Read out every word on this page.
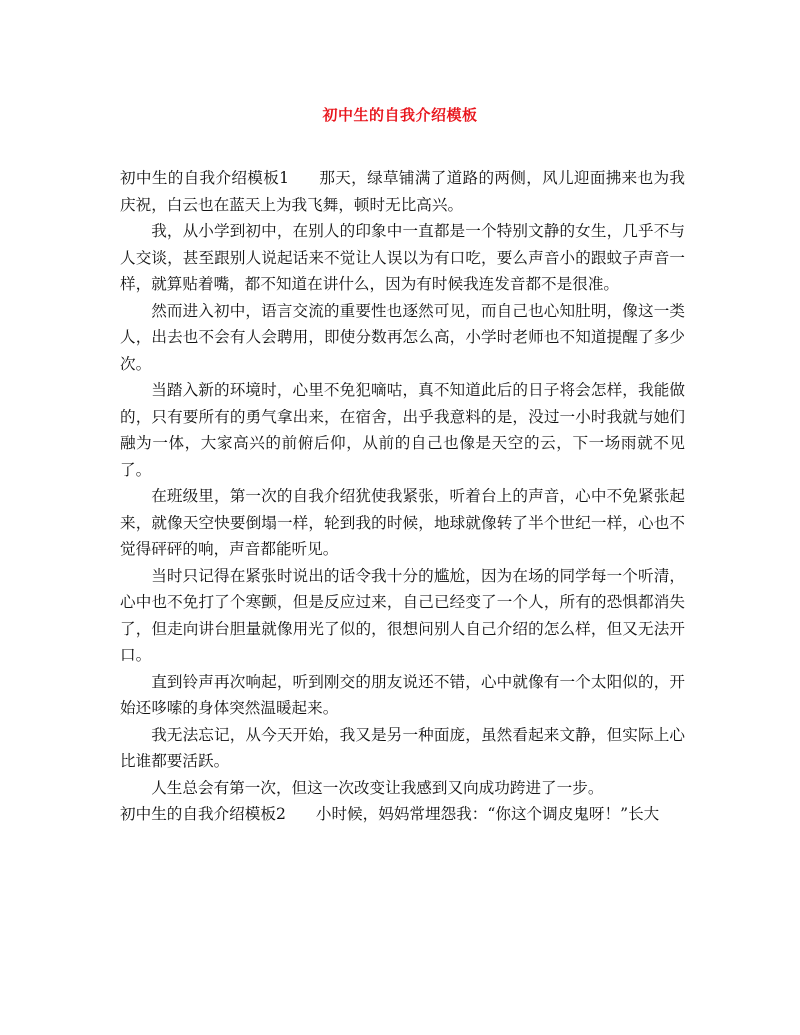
初中生的自我介绍模板

初中生的自我介绍模板1 那天，绿草铺满了道路的两侧，风儿迎面拂来也为我庆祝，白云也在蓝天上为我飞舞，顿时无比高兴。

我，从小学到初中，在别人的印象中一直都是一个特别文静的女生，几乎不与人交谈，甚至跟别人说起话来不觉让人误以为有口吃，要么声音小的跟蚊子声音一样，就算贴着嘴，都不知道在讲什么，因为有时候我连发音都不是很准。

然而进入初中，语言交流的重要性也逐然可见，而自己也心知肚明，像这一类人，出去也不会有人会聘用，即使分数再怎么高，小学时老师也不知道提醒了多少次。

当踏入新的环境时，心里不免犯嘀咕，真不知道此后的日子将会怎样，我能做的，只有要所有的勇气拿出来，在宿舍，出乎我意料的是，没过一小时我就与她们融为一体，大家高兴的前俯后仰，从前的自己也像是天空的云，下一场雨就不见了。

在班级里，第一次的自我介绍犹使我紧张，听着台上的声音，心中不免紧张起来，就像天空快要倒塌一样，轮到我的时候，地球就像转了半个世纪一样，心也不觉得砰砰的响，声音都能听见。

当时只记得在紧张时说出的话令我十分的尴尬，因为在场的同学每一个听清，心中也不免打了个寒颤，但是反应过来，自己已经变了一个人，所有的恐惧都消失了，但走向讲台胆量就像用光了似的，很想问别人自己介绍的怎么样，但又无法开口。

直到铃声再次响起，听到刚交的朋友说还不错，心中就像有一个太阳似的，开始还哆嗦的身体突然温暖起来。

我无法忘记，从今天开始，我又是另一种面庞，虽然看起来文静，但实际上心比谁都要活跃。

人生总会有第一次，但这一次改变让我感到又向成功跨进了一步。

初中生的自我介绍模板2 小时候，妈妈常埋怨我：“你这个调皮鬼呀！”长大
